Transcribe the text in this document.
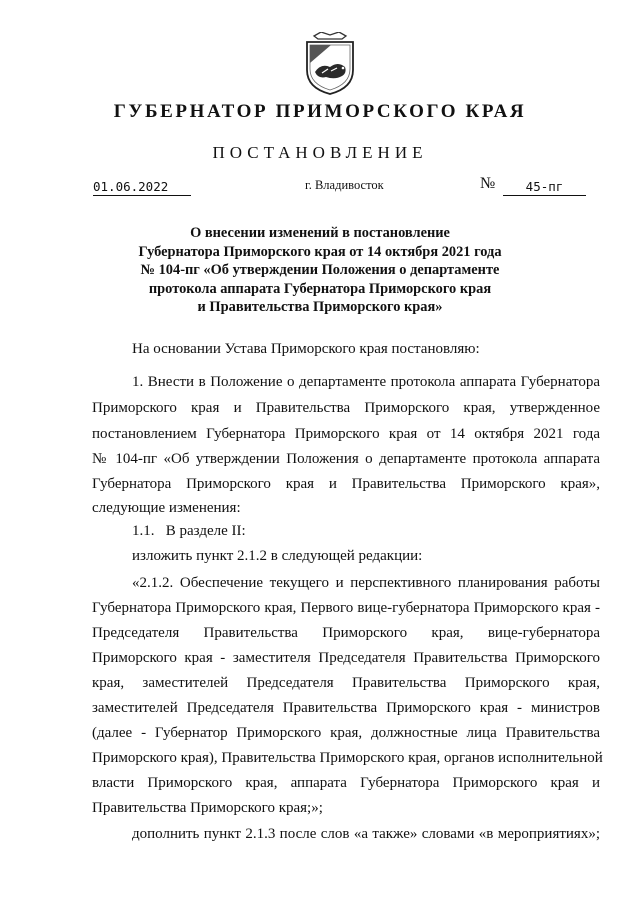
ГУБЕРНАТОР ПРИМОРСКОГО КРАЯ
ПОСТАНОВЛЕНИЕ
01.06.2022	г. Владивосток	№	45-пг
О внесении изменений в постановление
Губернатора Приморского края от 14 октября 2021 года
№ 104-пг «Об утверждении Положения о департаменте
протокола аппарата Губернатора Приморского края
и Правительства Приморского края»
На основании Устава Приморского края постановляю:
1. Внести в Положение о департаменте протокола аппарата Губернатора
Приморского края и Правительства Приморского края, утвержденное
постановлением Губернатора Приморского края от 14 октября 2021 года
№ 104-пг «Об утверждении Положения о департаменте протокола аппарата
Губернатора Приморского края и Правительства Приморского края»,
следующие изменения:
1.1.   В разделе II:
изложить пункт 2.1.2 в следующей редакции:
«2.1.2. Обеспечение текущего и перспективного планирования работы
Губернатора Приморского края, Первого вице-губернатора Приморского края -
Председателя Правительства Приморского края, вице-губернатора
Приморского края - заместителя Председателя Правительства Приморского
края, заместителей Председателя Правительства Приморского края,
заместителей Председателя Правительства Приморского края - министров
(далее - Губернатор Приморского края, должностные лица Правительства
Приморского края), Правительства Приморского края, органов исполнительной
власти Приморского края, аппарата Губернатора Приморского края и
Правительства Приморского края;»;
дополнить пункт 2.1.3 после слов «а также» словами «в мероприятиях»;
